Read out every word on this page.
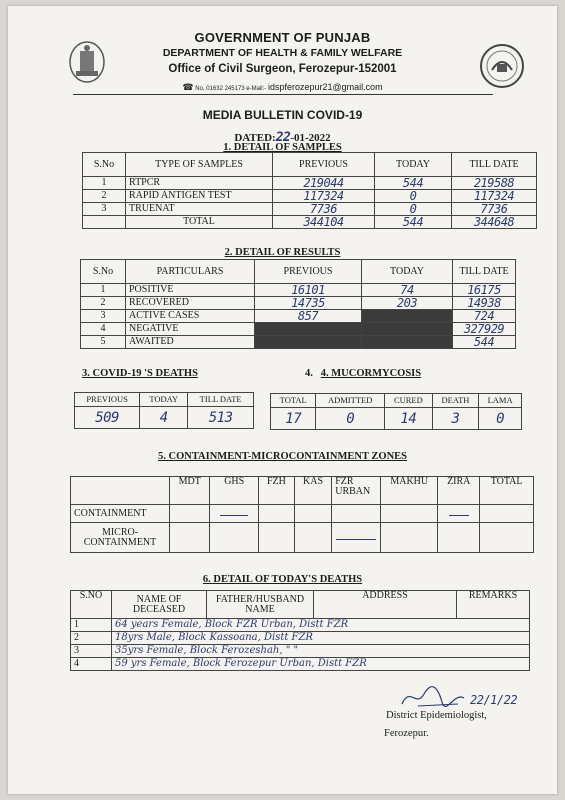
GOVERNMENT OF PUNJAB
DEPARTMENT OF HEALTH & FAMILY WELFARE
Office of Civil Surgeon, Ferozepur-152001
☎ No. 01632 245173 e-Mail:- idspferozepur21@gmail.com
MEDIA BULLETIN COVID-19
DATED:22-01-2022
1. DETAIL OF SAMPLES
S.No	TYPE OF SAMPLES	PREVIOUS	TODAY	TILL DATE
1	RTPCR	219044	544	219588
2	RAPID ANTIGEN TEST	117324	0	117324
3	TRUENAT	7736	0	7736
	TOTAL	344104	544	344648
2. DETAIL OF RESULTS
S.No	PARTICULARS	PREVIOUS	TODAY	TILL DATE
1	POSITIVE	16101	74	16175
2	RECOVERED	14735	203	14938
3	ACTIVE CASES	857		724
4	NEGATIVE			327929
5	AWAITED			544
3. COVID-19 'S DEATHS
PREVIOUS	TODAY	TILL DATE
509	4	513
4.   4. MUCORMYCOSIS
TOTAL	ADMITTED	CURED	DEATH	LAMA
17	0	14	3	0
5. CONTAINMENT-MICROCONTAINMENT ZONES
	MDT	GHS	FZH	KAS	FZR URBAN	MAKHU	ZIRA	TOTAL
CONTAINMENT								
MICRO-CONTAINMENT								
6. DETAIL OF TODAY'S DEATHS
S.NO	NAME OF DECEASED	FATHER/HUSBAND NAME	ADDRESS	REMARKS
1	64 years Female, Block FZR Urban, Distt FZR			
2	18yrs Male, Block Kassoana, Distt FZR			
3	35yrs Female, Block Ferozeshah, " "			
4	59 yrs Female, Block Ferozepur Urban, Distt FZR			
22/1/22
District Epidemiologist,
Ferozepur.
